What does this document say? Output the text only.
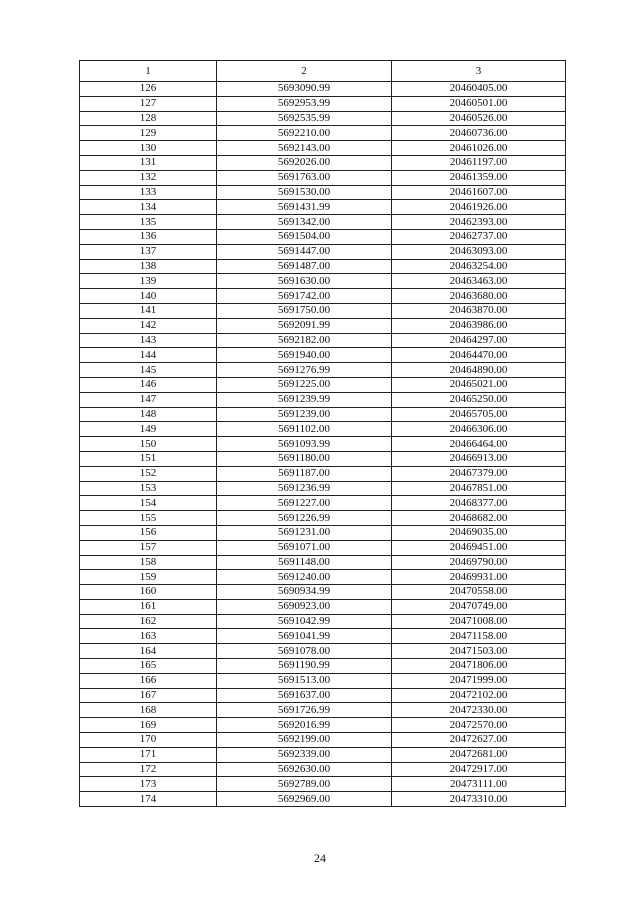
1	2	3
126	5693090.99	20460405.00
127	5692953.99	20460501.00
128	5692535.99	20460526.00
129	5692210.00	20460736.00
130	5692143.00	20461026.00
131	5692026.00	20461197.00
132	5691763.00	20461359.00
133	5691530.00	20461607.00
134	5691431.99	20461926.00
135	5691342.00	20462393.00
136	5691504.00	20462737.00
137	5691447.00	20463093.00
138	5691487.00	20463254.00
139	5691630.00	20463463.00
140	5691742.00	20463680.00
141	5691750.00	20463870.00
142	5692091.99	20463986.00
143	5692182.00	20464297.00
144	5691940.00	20464470.00
145	5691276.99	20464890.00
146	5691225.00	20465021.00
147	5691239.99	20465250.00
148	5691239.00	20465705.00
149	5691102.00	20466306.00
150	5691093.99	20466464.00
151	5691180.00	20466913.00
152	5691187.00	20467379.00
153	5691236.99	20467851.00
154	5691227.00	20468377.00
155	5691226.99	20468682.00
156	5691231.00	20469035.00
157	5691071.00	20469451.00
158	5691148.00	20469790.00
159	5691240.00	20469931.00
160	5690934.99	20470558.00
161	5690923.00	20470749.00
162	5691042.99	20471008.00
163	5691041.99	20471158.00
164	5691078.00	20471503.00
165	5691190.99	20471806.00
166	5691513.00	20471999.00
167	5691637.00	20472102.00
168	5691726.99	20472330.00
169	5692016.99	20472570.00
170	5692199.00	20472627.00
171	5692339.00	20472681.00
172	5692630.00	20472917.00
173	5692789.00	20473111.00
174	5692969.00	20473310.00
24
